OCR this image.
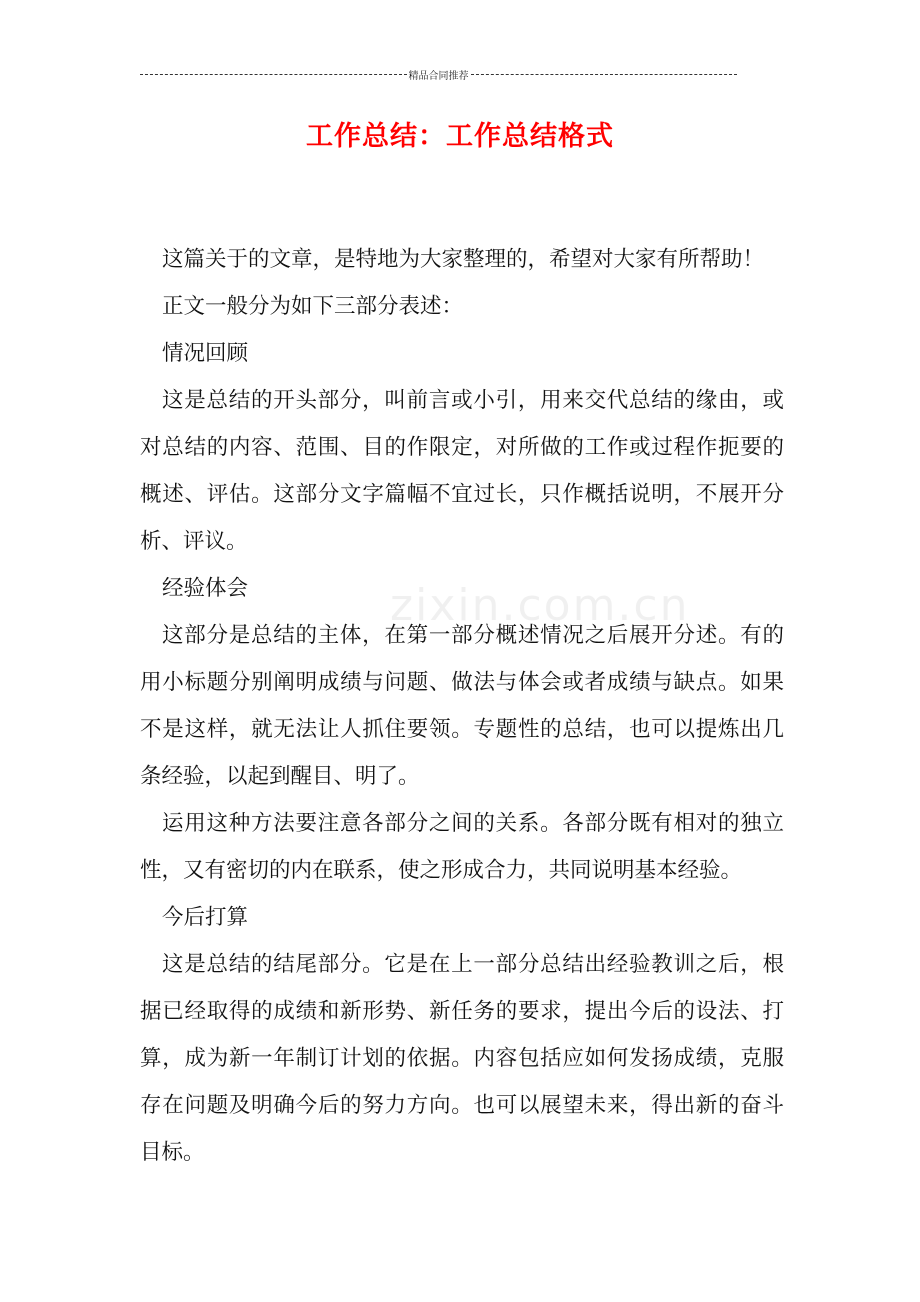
精品合同推荐
工作总结：工作总结格式
zixin.com.cn

这篇关于的文章，是特地为大家整理的，希望对大家有所帮助！

正文一般分为如下三部分表述：

情况回顾

这是总结的开头部分，叫前言或小引，用来交代总结的缘由，或对总结的内容、范围、目的作限定，对所做的工作或过程作扼要的概述、评估。这部分文字篇幅不宜过长，只作概括说明，不展开分析、评议。

经验体会

这部分是总结的主体，在第一部分概述情况之后展开分述。有的用小标题分别阐明成绩与问题、做法与体会或者成绩与缺点。如果不是这样，就无法让人抓住要领。专题性的总结，也可以提炼出几条经验，以起到醒目、明了。

运用这种方法要注意各部分之间的关系。各部分既有相对的独立性，又有密切的内在联系，使之形成合力，共同说明基本经验。

今后打算

这是总结的结尾部分。它是在上一部分总结出经验教训之后，根据已经取得的成绩和新形势、新任务的要求，提出今后的设法、打算，成为新一年制订计划的依据。内容包括应如何发扬成绩，克服存在问题及明确今后的努力方向。也可以展望未来，得出新的奋斗目标。
